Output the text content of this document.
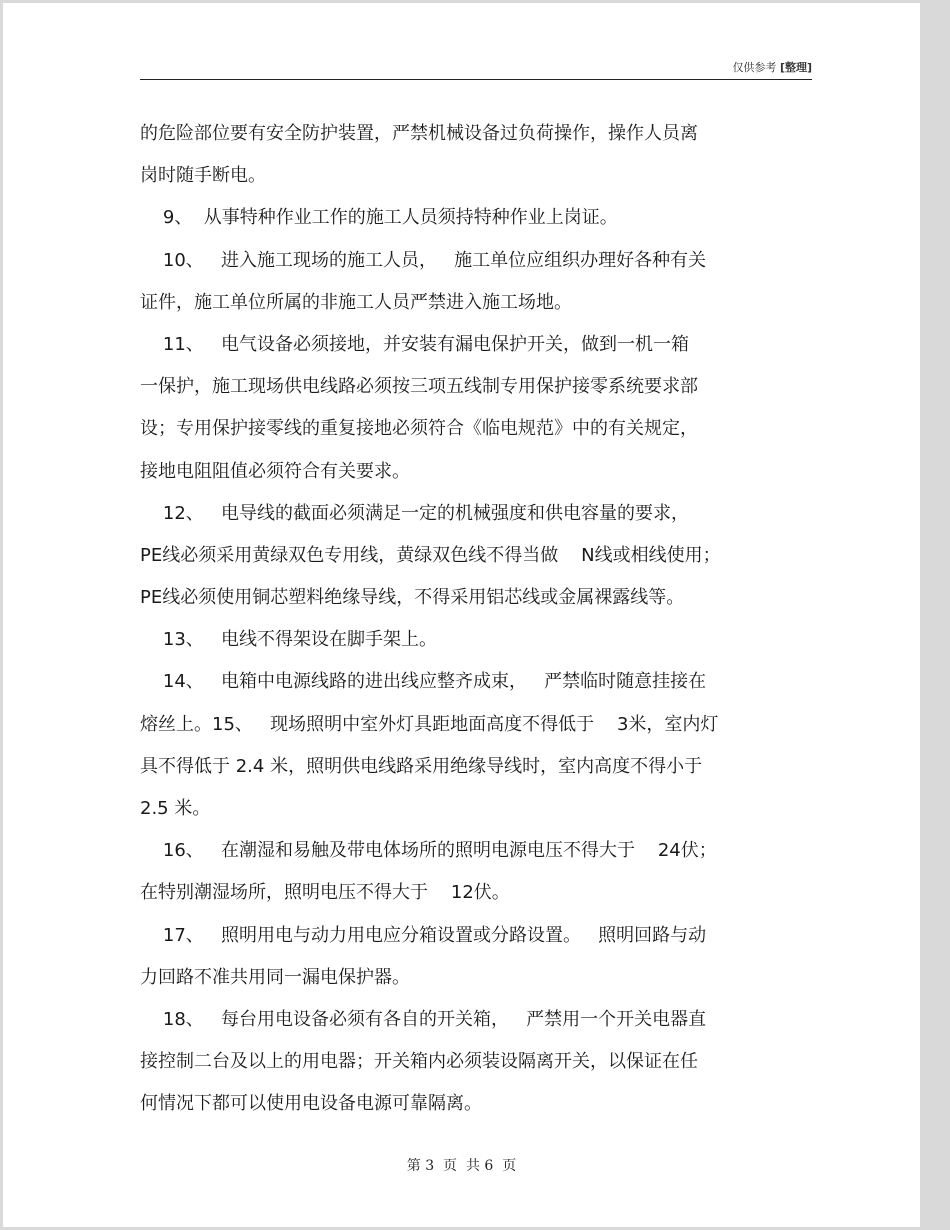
仅供参考 [整理]
的危险部位要有安全防护装置，严禁机械设备过负荷操作，操作人员离
岗时随手断电。
9、  从事特种作业工作的施工人员须持特种作业上岗证。
10、   进入施工现场的施工人员，   施工单位应组织办理好各种有关
证件，施工单位所属的非施工人员严禁进入施工场地。
11、   电气设备必须接地，并安装有漏电保护开关，做到一机一箱
一保护，施工现场供电线路必须按三项五线制专用保护接零系统要求部
设；专用保护接零线的重复接地必须符合《临电规范》中的有关规定，
接地电阻阻值必须符合有关要求。
12、   电导线的截面必须满足一定的机械强度和供电容量的要求，
PE线必须采用黄绿双色专用线，黄绿双色线不得当做    N线或相线使用；
PE线必须使用铜芯塑料绝缘导线，不得采用铝芯线或金属裸露线等。
13、   电线不得架设在脚手架上。
14、   电箱中电源线路的进出线应整齐成束，   严禁临时随意挂接在
熔丝上。15、   现场照明中室外灯具距地面高度不得低于    3米，室内灯
具不得低于 2.4 米，照明供电线路采用绝缘导线时，室内高度不得小于
2.5 米。
16、   在潮湿和易触及带电体场所的照明电源电压不得大于    24伏；
在特别潮湿场所，照明电压不得大于    12伏。
17、   照明用电与动力用电应分箱设置或分路设置。   照明回路与动
力回路不准共用同一漏电保护器。
18、   每台用电设备必须有各自的开关箱，   严禁用一个开关电器直
接控制二台及以上的用电器；开关箱内必须装设隔离开关，以保证在任
何情况下都可以使用电设备电源可靠隔离。
第 3  页  共 6  页
